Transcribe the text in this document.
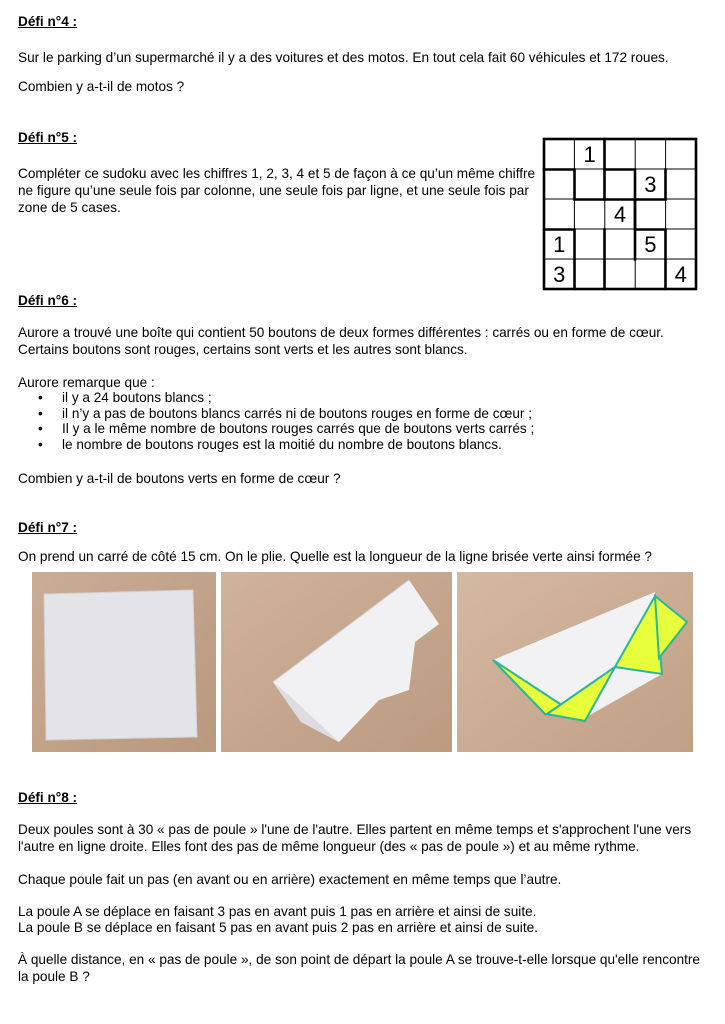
Défi n°4 :
Sur le parking d’un supermarché il y a des voitures et des motos. En tout cela fait 60 véhicules et 172 roues.
Combien y a-t-il de motos ?
Défi n°5 :
Compléter ce sudoku avec les chiffres 1, 2, 3, 4 et 5 de façon à ce qu’un même chiffre ne figure qu’une seule fois par colonne, une seule fois par ligne, et une seule fois par zone de 5 cases.
1
3
4
1	5
3	4
Défi n°6 :
Aurore a trouvé une boîte qui contient 50 boutons de deux formes différentes : carrés ou en forme de cœur. Certains boutons sont rouges, certains sont verts et les autres sont blancs.
Aurore remarque que :
• il y a 24 boutons blancs ;
• il n’y a pas de boutons blancs carrés ni de boutons rouges en forme de cœur ;
• Il y a le même nombre de boutons rouges carrés que de boutons verts carrés ;
• le nombre de boutons rouges est la moitié du nombre de boutons blancs.
Combien y a-t-il de boutons verts en forme de cœur ?
Défi n°7 :
On prend un carré de côté 15 cm. On le plie. Quelle est la longueur de la ligne brisée verte ainsi formée ?
Défi n°8 :
Deux poules sont à 30 « pas de poule » l'une de l'autre. Elles partent en même temps et s'approchent l'une vers l'autre en ligne droite. Elles font des pas de même longueur (des « pas de poule ») et au même rythme.
Chaque poule fait un pas (en avant ou en arrière) exactement en même temps que l’autre.
La poule A se déplace en faisant 3 pas en avant puis 1 pas en arrière et ainsi de suite.
La poule B se déplace en faisant 5 pas en avant puis 2 pas en arrière et ainsi de suite.
À quelle distance, en « pas de poule », de son point de départ la poule A se trouve-t-elle lorsque qu'elle rencontre la poule B ?
